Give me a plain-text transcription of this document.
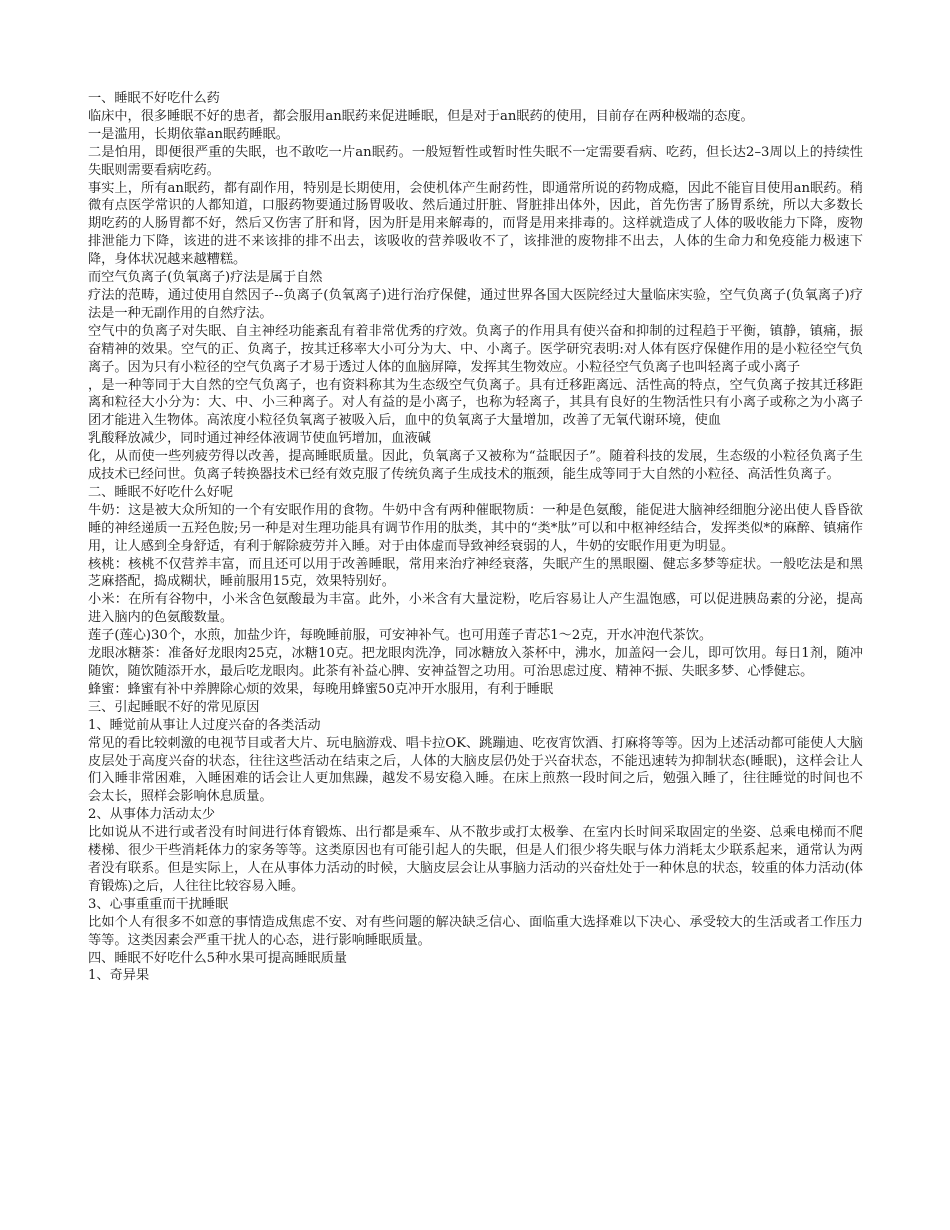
一、睡眠不好吃什么药

临床中，很多睡眠不好的患者，都会服用an眠药来促进睡眠，但是对于an眠药的使用，目前存在两种极端的态度。

一是滥用，长期依靠an眠药睡眠。

二是怕用，即便很严重的失眠，也不敢吃一片an眠药。一般短暂性或暂时性失眠不一定需要看病、吃药，但长达2–3周以上的持续性失眠则需要看病吃药。

事实上，所有an眠药，都有副作用，特别是长期使用，会使机体产生耐药性，即通常所说的药物成瘾，因此不能盲目使用an眠药。稍微有点医学常识的人都知道，口服药物要通过肠胃吸收、然后通过肝脏、肾脏排出体外，因此，首先伤害了肠胃系统，所以大多数长期吃药的人肠胃都不好，然后又伤害了肝和肾，因为肝是用来解毒的，而肾是用来排毒的。这样就造成了人体的吸收能力下降，废物排泄能力下降，该进的进不来该排的排不出去，该吸收的营养吸收不了，该排泄的废物排不出去，人体的生命力和免疫能力极速下降，身体状况越来越糟糕。

而空气负离子(负氧离子)疗法是属于自然

疗法的范畴，通过使用自然因子--负离子(负氧离子)进行治疗保健，通过世界各国大医院经过大量临床实验，空气负离子(负氧离子)疗法是一种无副作用的自然疗法。

空气中的负离子对失眠、自主神经功能紊乱有着非常优秀的疗效。负离子的作用具有使兴奋和抑制的过程趋于平衡，镇静，镇痛，振奋精神的效果。空气的正、负离子，按其迁移率大小可分为大、中、小离子。医学研究表明:对人体有医疗保健作用的是小粒径空气负离子。因为只有小粒径的空气负离子才易于透过人体的血脑屏障，发挥其生物效应。小粒径空气负离子也叫轻离子或小离子

，是一种等同于大自然的空气负离子，也有资料称其为生态级空气负离子。具有迁移距离远、活性高的特点，空气负离子按其迁移距离和粒径大小分为：大、中、小三种离子。对人有益的是小离子，也称为轻离子，其具有良好的生物活性只有小离子或称之为小离子团才能进入生物体。高浓度小粒径负氧离子被吸入后，血中的负氧离子大量增加，改善了无氧代谢环境，使血

乳酸释放减少，同时通过神经体液调节使血钙增加，血液碱

化，从而使一些列疲劳得以改善，提高睡眠质量。因此，负氧离子又被称为“益眠因子”。随着科技的发展，生态级的小粒径负离子生成技术已经问世。负离子转换器技术已经有效克服了传统负离子生成技术的瓶颈，能生成等同于大自然的小粒径、高活性负离子。

二、睡眠不好吃什么好呢

牛奶：这是被大众所知的一个有安眠作用的食物。牛奶中含有两种催眠物质：一种是色氨酸，能促进大脑神经细胞分泌出使人昏昏欲睡的神经递质一五羟色胺;另一种是对生理功能具有调节作用的肽类，其中的“类*肽”可以和中枢神经结合，发挥类似*的麻醉、镇痛作用，让人感到全身舒适，有利于解除疲劳并入睡。对于由体虚而导致神经衰弱的人，牛奶的安眠作用更为明显。

核桃：核桃不仅营养丰富，而且还可以用于改善睡眠，常用来治疗神经衰落，失眠产生的黑眼圈、健忘多梦等症状。一般吃法是和黑芝麻搭配，捣成糊状，睡前服用15克，效果特别好。

小米：在所有谷物中，小米含色氨酸最为丰富。此外，小米含有大量淀粉，吃后容易让人产生温饱感，可以促进胰岛素的分泌，提高进入脑内的色氨酸数量。

莲子(莲心)30个，水煎，加盐少许，每晚睡前服，可安神补气。也可用莲子青芯1～2克，开水冲泡代茶饮。

龙眼冰糖茶：准备好龙眼肉25克，冰糖10克。把龙眼肉洗净，同冰糖放入茶杯中，沸水，加盖闷一会儿，即可饮用。每日1剂，随冲随饮，随饮随添开水，最后吃龙眼肉。此茶有补益心脾、安神益智之功用。可治思虑过度、精神不振、失眠多梦、心悸健忘。

蜂蜜：蜂蜜有补中养脾除心烦的效果，每晚用蜂蜜50克冲开水服用，有利于睡眠

三、引起睡眠不好的常见原因

1、睡觉前从事让人过度兴奋的各类活动

常见的看比较刺激的电视节目或者大片、玩电脑游戏、唱卡拉OK、跳蹦迪、吃夜宵饮酒、打麻将等等。因为上述活动都可能使人大脑皮层处于高度兴奋的状态，往往这些活动在结束之后，人体的大脑皮层仍处于兴奋状态，不能迅速转为抑制状态(睡眠)，这样会让人们入睡非常困难，入睡困难的话会让人更加焦躁，越发不易安稳入睡。在床上煎熬一段时间之后，勉强入睡了，往往睡觉的时间也不会太长，照样会影响休息质量。

2、从事体力活动太少

比如说从不进行或者没有时间进行体育锻炼、出行都是乘车、从不散步或打太极拳、在室内长时间采取固定的坐姿、总乘电梯而不爬楼梯、很少干些消耗体力的家务等等。这类原因也有可能引起人的失眠，但是人们很少将失眠与体力消耗太少联系起来，通常认为两者没有联系。但是实际上，人在从事体力活动的时候，大脑皮层会让从事脑力活动的兴奋灶处于一种休息的状态，较重的体力活动(体育锻炼)之后，人往往比较容易入睡。

3、心事重重而干扰睡眠

比如个人有很多不如意的事情造成焦虑不安、对有些问题的解决缺乏信心、面临重大选择难以下决心、承受较大的生活或者工作压力等等。这类因素会严重干扰人的心态，进行影响睡眠质量。

四、睡眠不好吃什么5种水果可提高睡眠质量

1、奇异果
